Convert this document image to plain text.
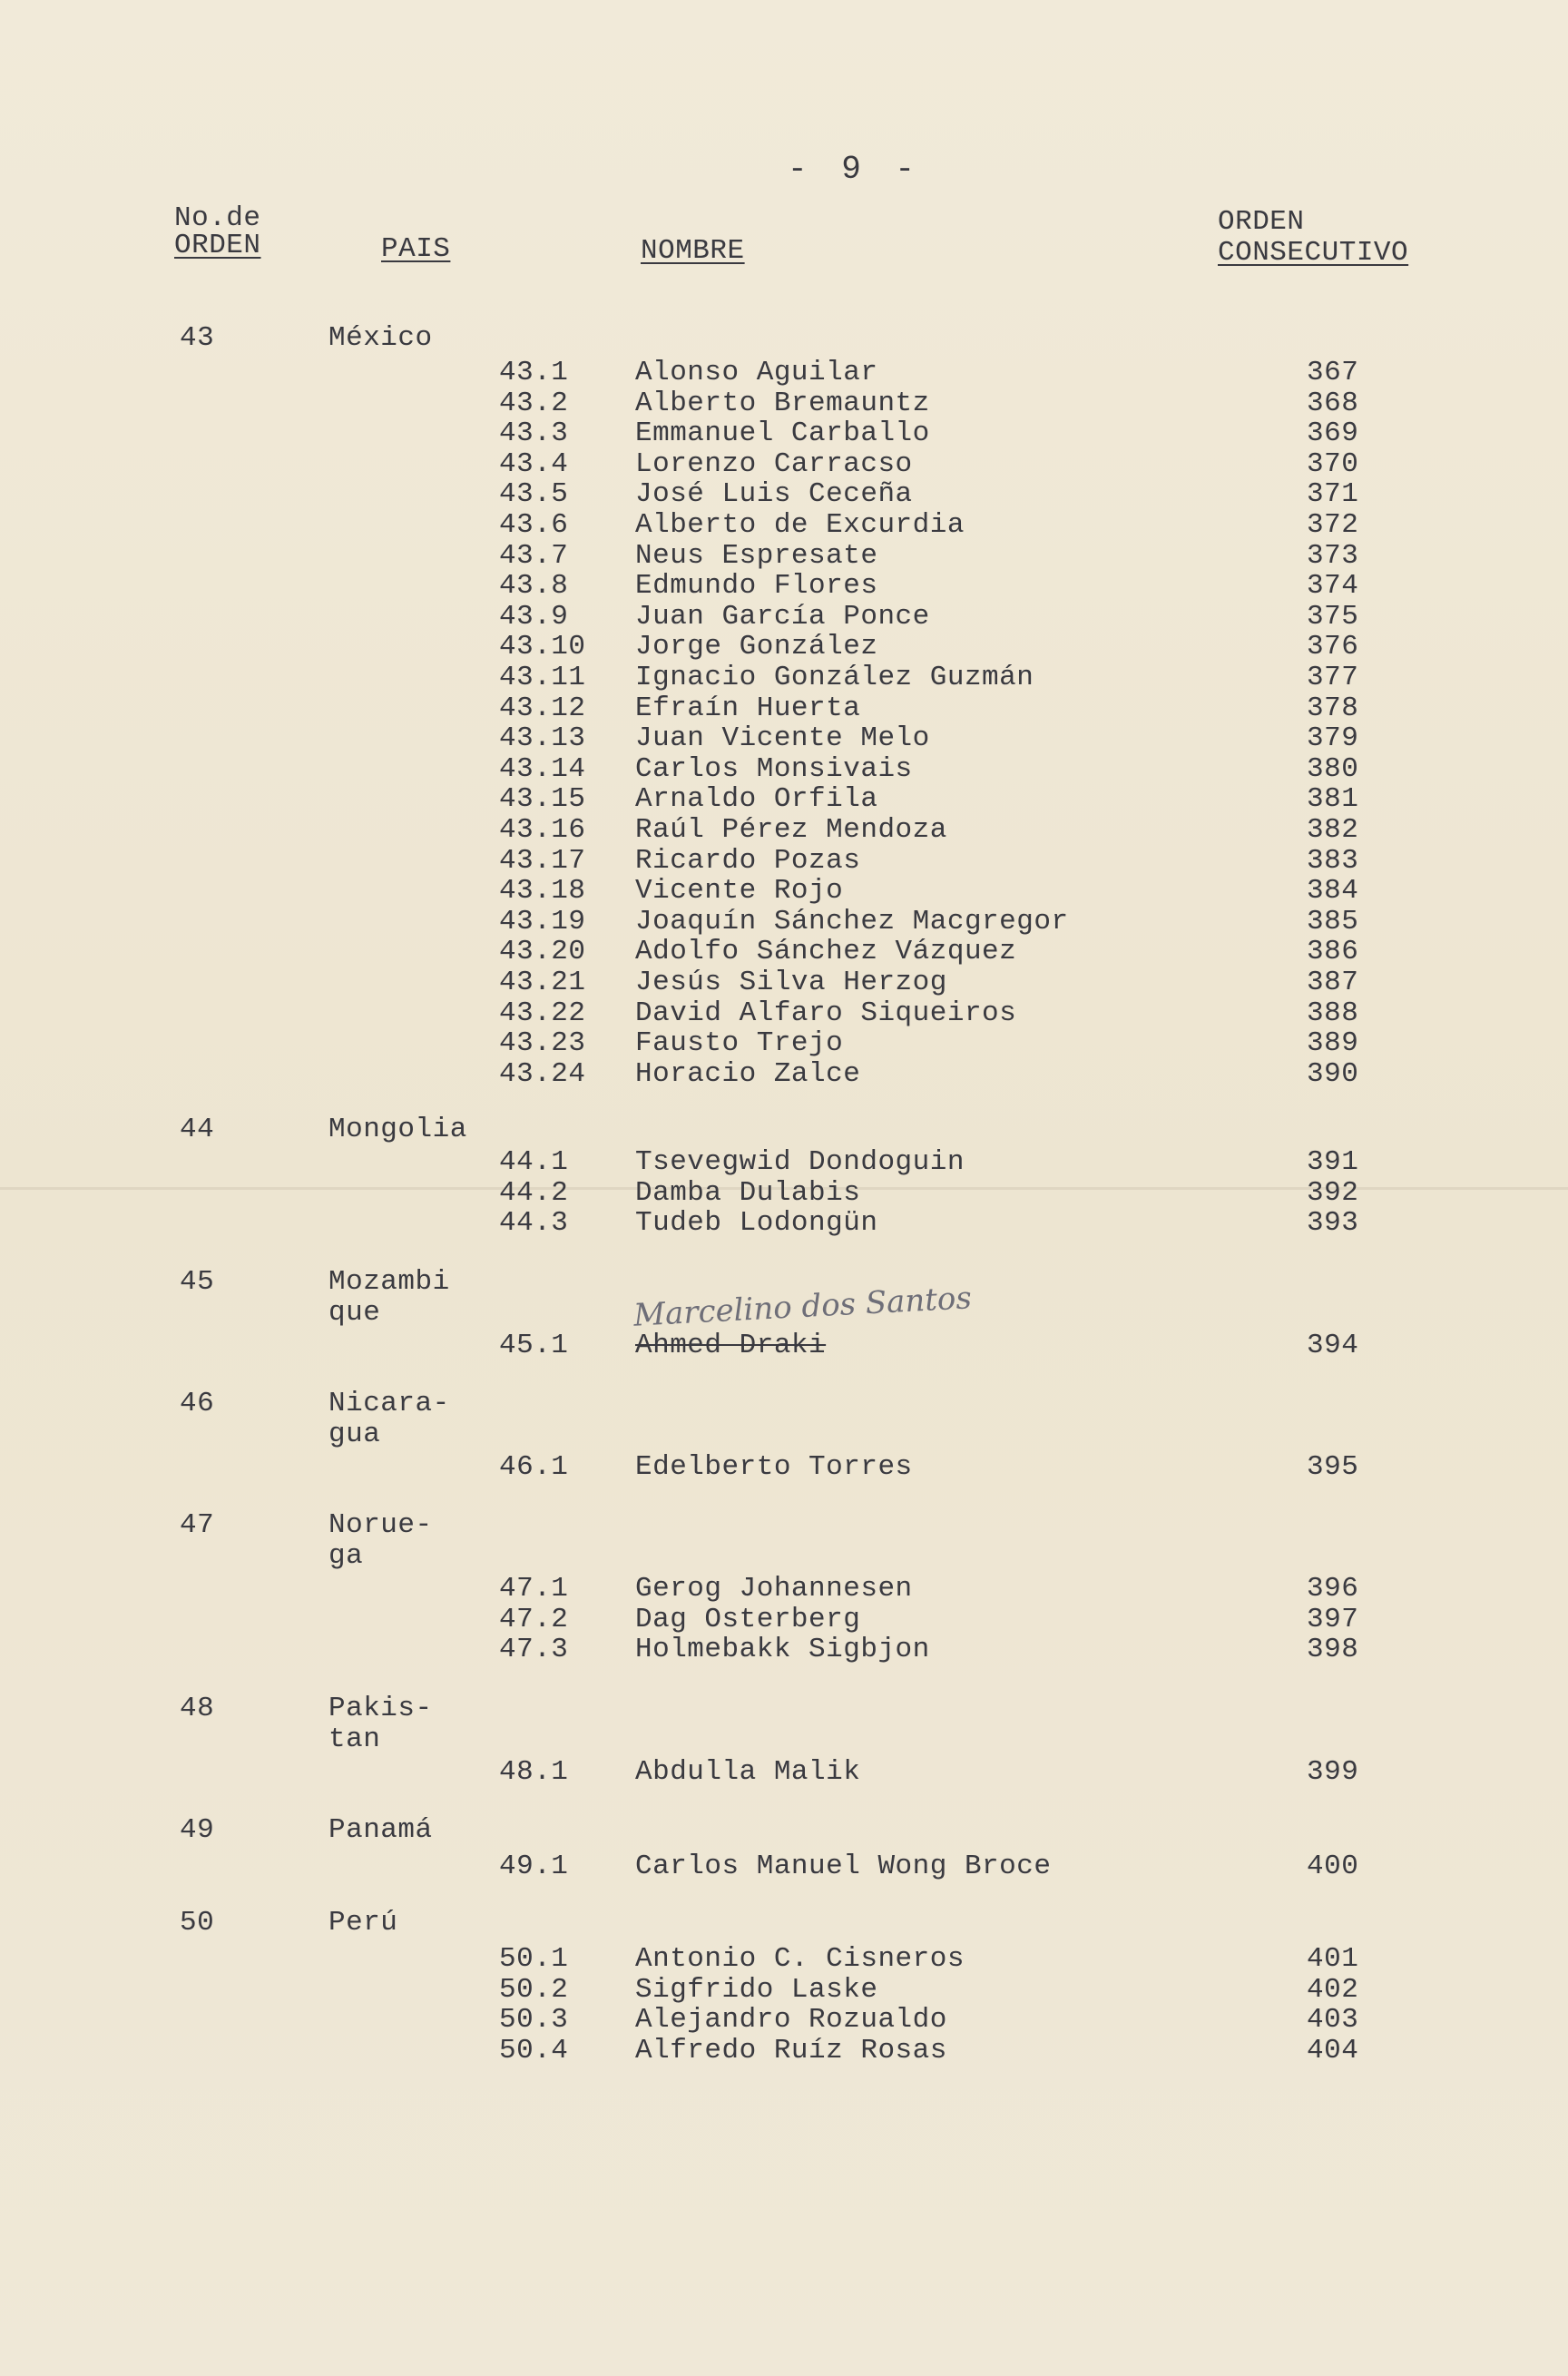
- 9 -
No.de
ORDEN	PAIS	NOMBRE
ORDEN
CONSECUTIVO
43	México
43.1 Alonso Aguilar	367
43.2 Alberto Bremauntz	368
43.3 Emmanuel Carballo	369
43.4 Lorenzo Carracso	370
43.5 José Luis Ceceña	371
43.6 Alberto de Excurdia	372
43.7 Neus Espresate	373
43.8 Edmundo Flores	374
43.9 Juan García Ponce	375
43.10 Jorge González	376
43.11 Ignacio González Guzmán	377
43.12 Efraín Huerta	378
43.13 Juan Vicente Melo	379
43.14 Carlos Monsivais	380
43.15 Arnaldo Orfila	381
43.16 Raúl Pérez Mendoza	382
43.17 Ricardo Pozas	383
43.18 Vicente Rojo	384
43.19 Joaquín Sánchez Macgregor	385
43.20 Adolfo Sánchez Vázquez	386
43.21 Jesús Silva Herzog	387
43.22 David Alfaro Siqueiros	388
43.23 Fausto Trejo	389
43.24 Horacio Zalce	390
44	Mongolia
44.1 Tsevegwid Dondoguin	391
44.2 Damba Dulabis	392
44.3 Tudeb Lodongün	393
45	Mozambi que
45.1 Ahmed Draki	394
46	Nicara- gua
46.1 Edelberto Torres	395
47	Norue- ga
47.1 Gerog Johannesen	396
47.2 Dag Osterberg	397
47.3 Holmebakk Sigbjon	398
48	Pakis- tan
48.1 Abdulla Malik	399
49	Panamá
49.1 Carlos Manuel Wong Broce	400
50	Perú
50.1 Antonio C. Cisneros	401
50.2 Sigfrido Laske	402
50.3 Alejandro Rozualdo	403
50.4 Alfredo Ruíz Rosas	404
Marcelino dos Santos
